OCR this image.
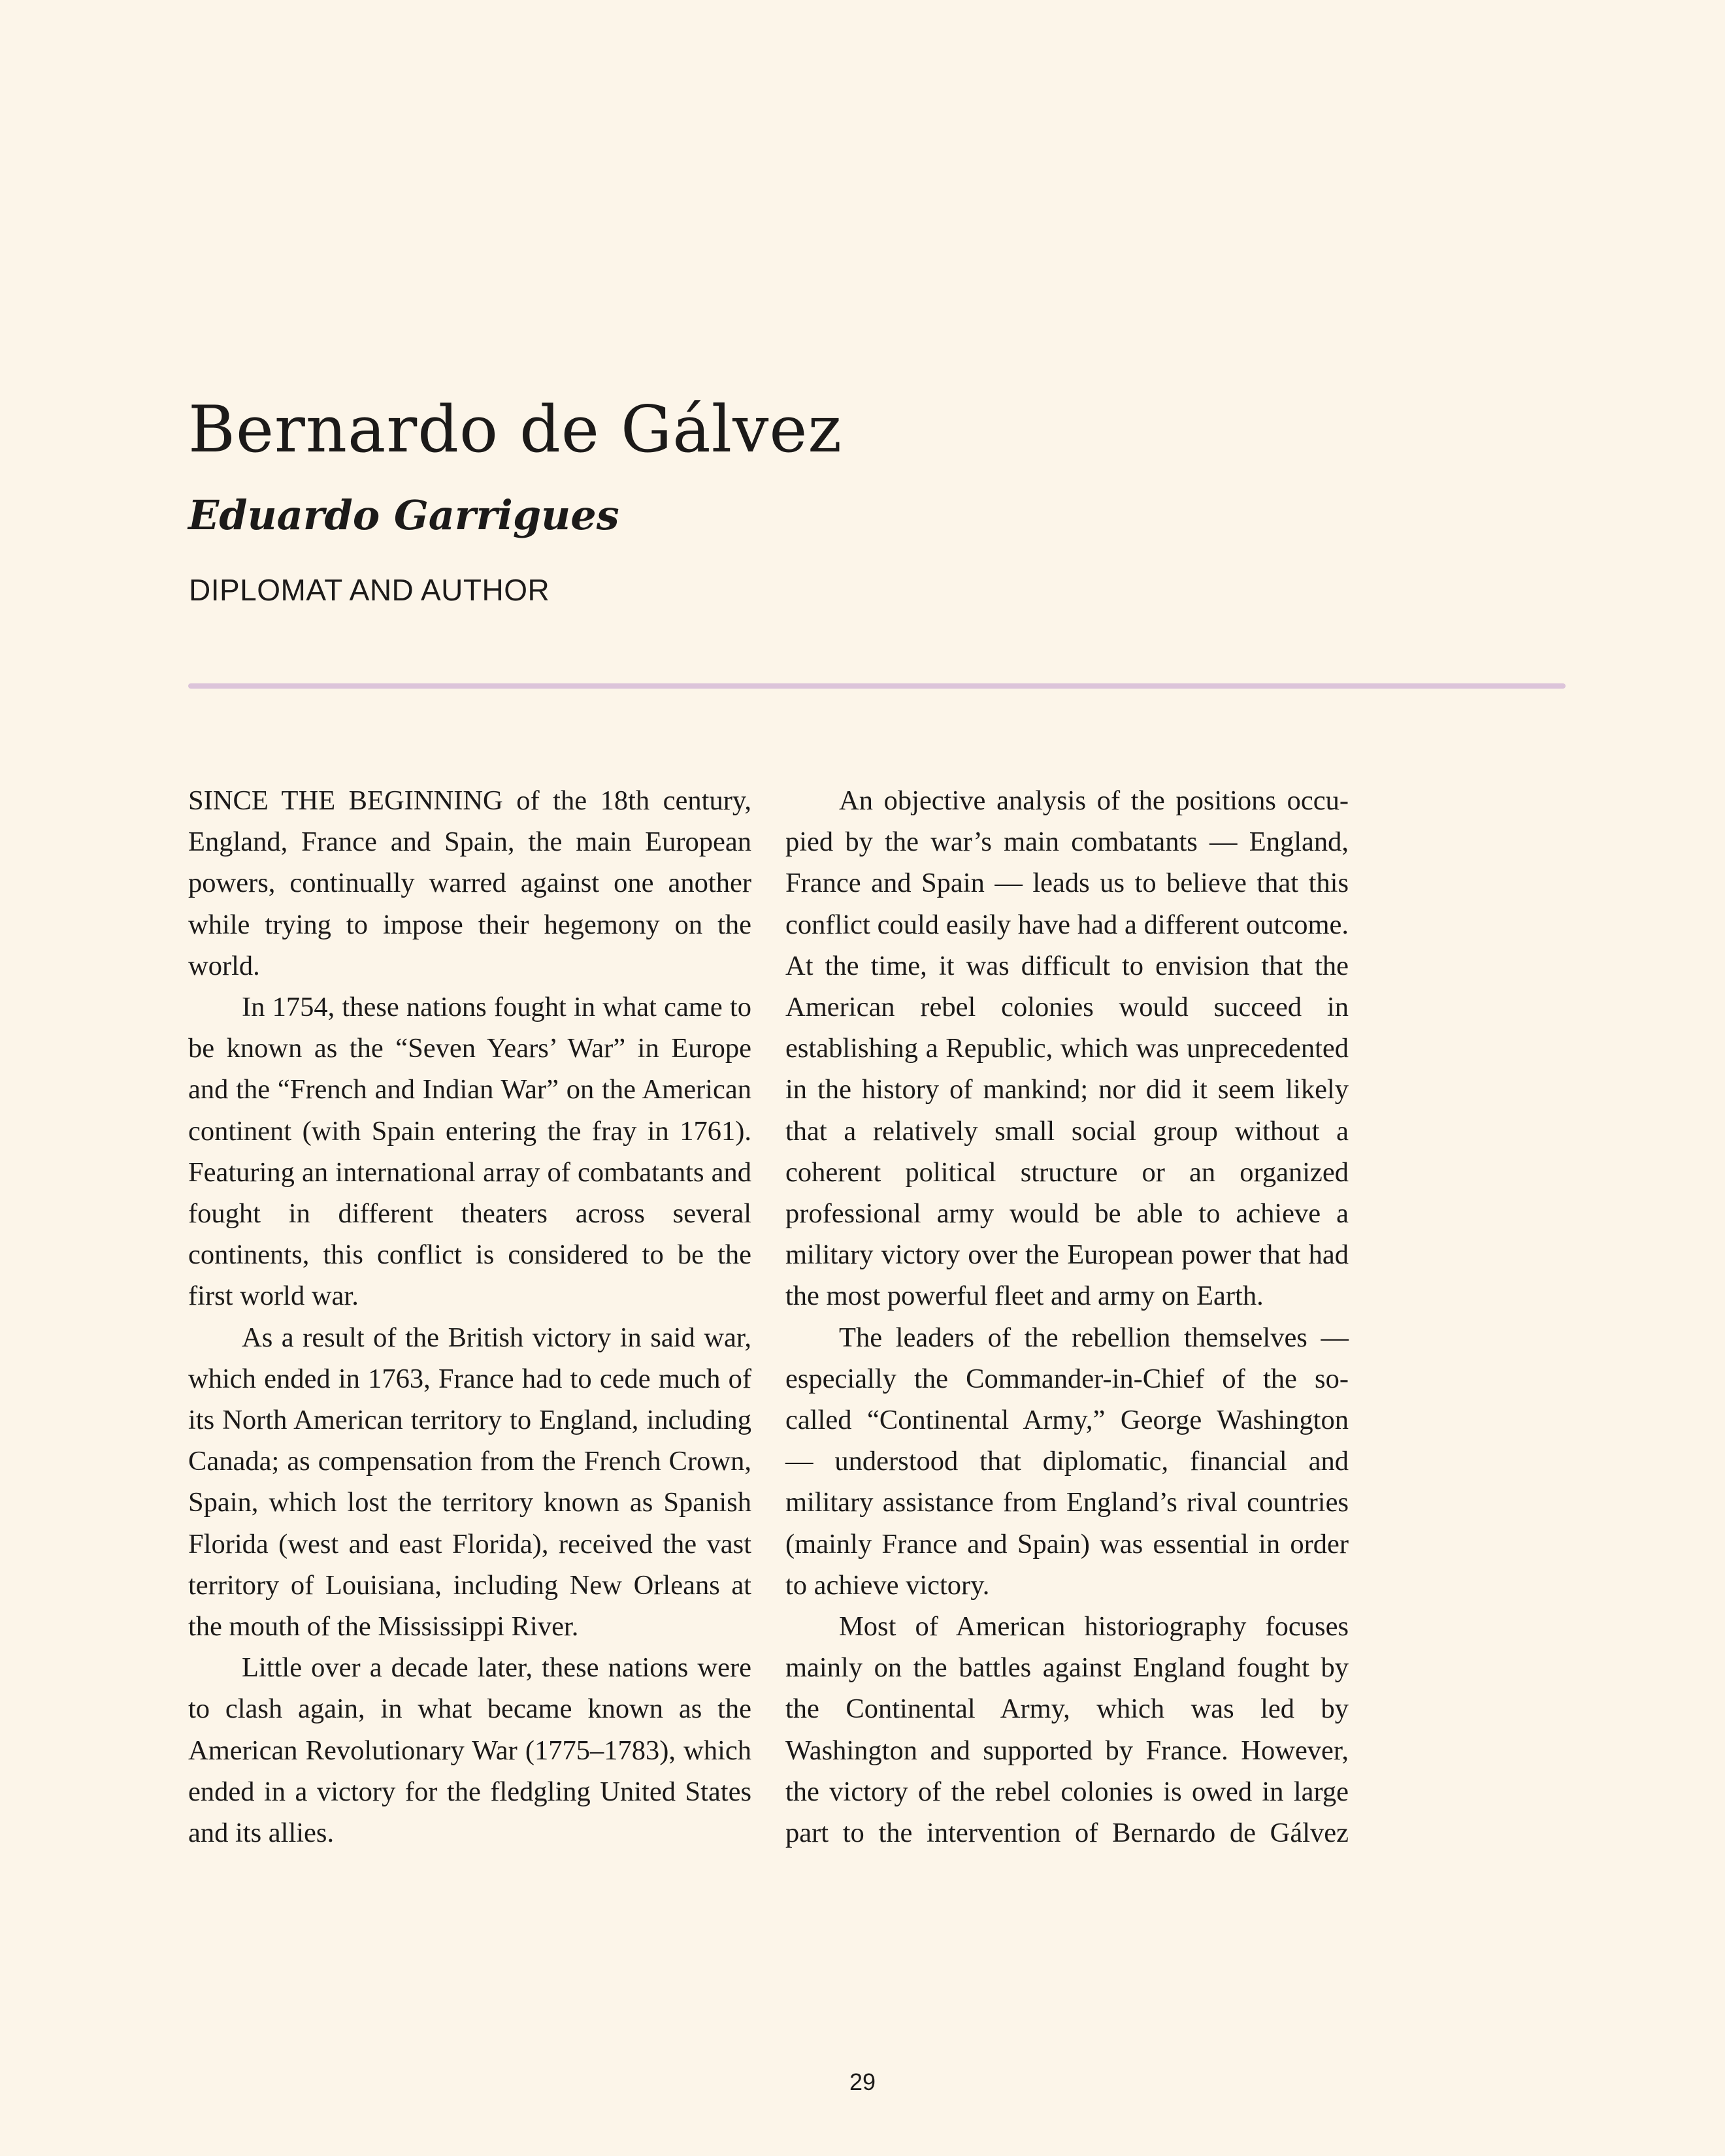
Bernardo de Gálvez
Eduardo Garrigues
DIPLOMAT AND AUTHOR

SINCE THE BEGINNING of the 18th century, England, France and Spain, the main European powers, continually warred against one another while trying to impose their hegemony on the world.

In 1754, these nations fought in what came to be known as the “Seven Years’ War” in Europe and the “French and Indian War” on the American continent (with Spain entering the fray in 1761). Featuring an international array of combatants and fought in different theaters across several continents, this conflict is considered to be the first world war.

As a result of the British victory in said war, which ended in 1763, France had to cede much of its North American territory to England, including Canada; as compensation from the French Crown, Spain, which lost the territory known as Spanish Florida (west and east Florida), received the vast territory of Louisiana, including New Orleans at the mouth of the Mississippi River.

Little over a decade later, these nations were to clash again, in what became known as the American Revolutionary War (1775–1783), which ended in a victory for the fledgling United States and its allies.

An objective analysis of the positions occupied by the war’s main combatants — England, France and Spain — leads us to believe that this conflict could easily have had a different outcome. At the time, it was difficult to envision that the American rebel colonies would succeed in establishing a Republic, which was unprecedented in the history of mankind; nor did it seem likely that a relatively small social group without a coherent political structure or an organized professional army would be able to achieve a military victory over the European power that had the most powerful fleet and army on Earth.

The leaders of the rebellion themselves — especially the Commander-in-Chief of the so-called “Continental Army,” George Washington — understood that diplomatic, financial and military assistance from England’s rival countries (mainly France and Spain) was essential in order to achieve victory.

Most of American historiography focuses mainly on the battles against England fought by the Continental Army, which was led by Washington and supported by France. However, the victory of the rebel colonies is owed in large part to the intervention of Bernardo de Gálvez

29
